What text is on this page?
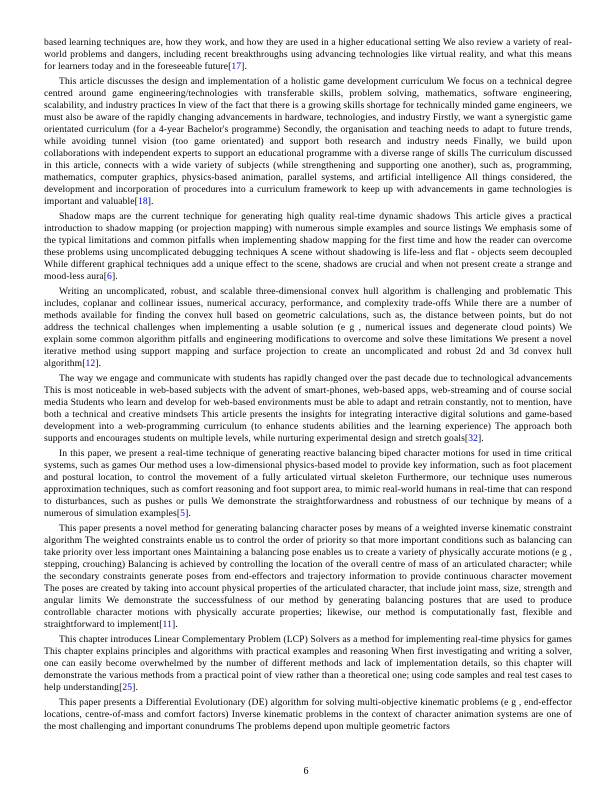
based learning techniques are, how they work, and how they are used in a higher educational setting We also review a variety of real-world problems and dangers, including recent breakthroughs using advancing technologies like virtual reality, and what this means for learners today and in the foreseeable future[17].

This article discusses the design and implementation of a holistic game development curriculum We focus on a technical degree centred around game engineering/technologies with transferable skills, problem solving, mathematics, software engineering, scalability, and industry practices In view of the fact that there is a growing skills shortage for technically minded game engineers, we must also be aware of the rapidly changing advancements in hardware, technologies, and industry Firstly, we want a synergistic game orientated curriculum (for a 4-year Bachelor's programme) Secondly, the organisation and teaching needs to adapt to future trends, while avoiding tunnel vision (too game orientated) and support both research and industry needs Finally, we build upon collaborations with independent experts to support an educational programme with a diverse range of skills The curriculum discussed in this article, connects with a wide variety of subjects (while strengthening and supporting one another), such as, programming, mathematics, computer graphics, physics-based animation, parallel systems, and artificial intelligence All things considered, the development and incorporation of procedures into a curriculum framework to keep up with advancements in game technologies is important and valuable[18].

Shadow maps are the current technique for generating high quality real-time dynamic shadows This article gives a practical introduction to shadow mapping (or projection mapping) with numerous simple examples and source listings We emphasis some of the typical limitations and common pitfalls when implementing shadow mapping for the first time and how the reader can overcome these problems using uncomplicated debugging techniques A scene without shadowing is life-less and flat - objects seem decoupled While different graphical techniques add a unique effect to the scene, shadows are crucial and when not present create a strange and mood-less aura[6].

Writing an uncomplicated, robust, and scalable three-dimensional convex hull algorithm is challenging and problematic This includes, coplanar and collinear issues, numerical accuracy, performance, and complexity trade-offs While there are a number of methods available for finding the convex hull based on geometric calculations, such as, the distance between points, but do not address the technical challenges when implementing a usable solution (e g , numerical issues and degenerate cloud points) We explain some common algorithm pitfalls and engineering modifications to overcome and solve these limitations We present a novel iterative method using support mapping and surface projection to create an uncomplicated and robust 2d and 3d convex hull algorithm[12].

The way we engage and communicate with students has rapidly changed over the past decade due to technological advancements This is most noticeable in web-based subjects with the advent of smart-phones, web-based apps, web-streaming and of course social media Students who learn and develop for web-based environments must be able to adapt and retrain constantly, not to mention, have both a technical and creative mindsets This article presents the insights for integrating interactive digital solutions and game-based development into a web-programming curriculum (to enhance students abilities and the learning experience) The approach both supports and encourages students on multiple levels, while nurturing experimental design and stretch goals[32].

In this paper, we present a real-time technique of generating reactive balancing biped character motions for used in time critical systems, such as games Our method uses a low-dimensional physics-based model to provide key information, such as foot placement and postural location, to control the movement of a fully articulated virtual skeleton Furthermore, our technique uses numerous approximation techniques, such as comfort reasoning and foot support area, to mimic real-world humans in real-time that can respond to disturbances, such as pushes or pulls We demonstrate the straightforwardness and robustness of our technique by means of a numerous of simulation examples[5].

This paper presents a novel method for generating balancing character poses by means of a weighted inverse kinematic constraint algorithm The weighted constraints enable us to control the order of priority so that more important conditions such as balancing can take priority over less important ones Maintaining a balancing pose enables us to create a variety of physically accurate motions (e g , stepping, crouching) Balancing is achieved by controlling the location of the overall centre of mass of an articulated character; while the secondary constraints generate poses from end-effectors and trajectory information to provide continuous character movement The poses are created by taking into account physical properties of the articulated character, that include joint mass, size, strength and angular limits We demonstrate the successfulness of our method by generating balancing postures that are used to produce controllable character motions with physically accurate properties; likewise, our method is computationally fast, flexible and straightforward to implement[11].

This chapter introduces Linear Complementary Problem (LCP) Solvers as a method for implementing real-time physics for games This chapter explains principles and algorithms with practical examples and reasoning When first investigating and writing a solver, one can easily become overwhelmed by the number of different methods and lack of implementation details, so this chapter will demonstrate the various methods from a practical point of view rather than a theoretical one; using code samples and real test cases to help understanding[25].

This paper presents a Differential Evolutionary (DE) algorithm for solving multi-objective kinematic problems (e g , end-effector locations, centre-of-mass and comfort factors) Inverse kinematic problems in the context of character animation systems are one of the most challenging and important conundrums The problems depend upon multiple geometric factors

6
